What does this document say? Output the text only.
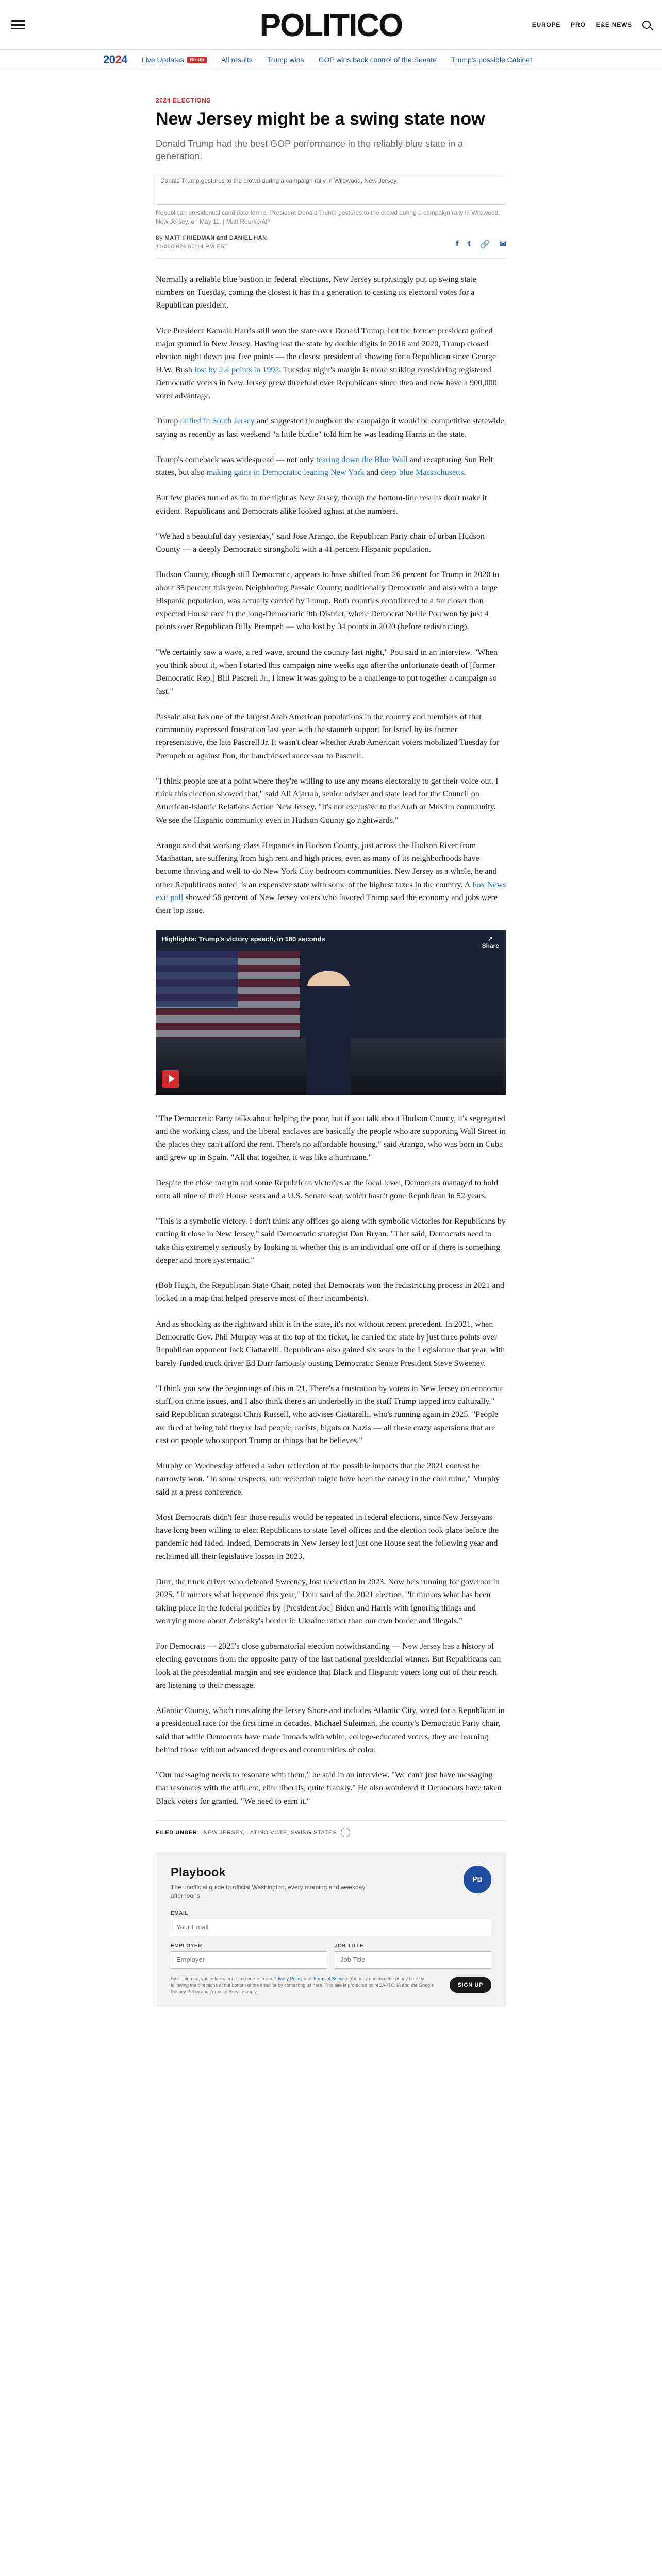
POLITICO	EUROPE PRO E&E NEWS
2024 Live Updates	Re-up	All results Trump wins GOP wins back control of the Senate Trump's possible Cabinet
2024 ELECTIONS
New Jersey might be a swing state now

Donald Trump had the best GOP performance in the reliably blue state in a generation.

Donald Trump gestures to the crowd during a campaign rally in Wildwood, New Jersey.

Republican presidential candidate former President Donald Trump gestures to the crowd during a campaign rally in Wildwood, New Jersey, on May 11. | Matt Rourke/AP

By MATT FRIEDMAN and DANIEL HAN
11/06/2024 05:14 PM EST	f t 🔗 ✉

Normally a reliable blue bastion in federal elections, New Jersey surprisingly put up swing state numbers on Tuesday, coming the closest it has in a generation to casting its electoral votes for a Republican president.

Vice President Kamala Harris still won the state over Donald Trump, but the former president gained major ground in New Jersey. Having lost the state by double digits in 2016 and 2020, Trump closed election night down just five points — the closest presidential showing for a Republican since George H.W. Bush lost by 2.4 points in 1992. Tuesday night's margin is more striking considering registered Democratic voters in New Jersey grew threefold over Republicans since then and now have a 900,000 voter advantage.

Trump rallied in South Jersey and suggested throughout the campaign it would be competitive statewide, saying as recently as last weekend "a little birdie" told him he was leading Harris in the state.

Trump's comeback was widespread — not only tearing down the Blue Wall and recapturing Sun Belt states, but also making gains in Democratic-leaning New York and deep-blue Massachusetts.

But few places turned as far to the right as New Jersey, though the bottom-line results don't make it evident. Republicans and Democrats alike looked aghast at the numbers.

"We had a beautiful day yesterday," said Jose Arango, the Republican Party chair of urban Hudson County — a deeply Democratic stronghold with a 41 percent Hispanic population.

Hudson County, though still Democratic, appears to have shifted from 26 percent for Trump in 2020 to about 35 percent this year. Neighboring Passaic County, traditionally Democratic and also with a large Hispanic population, was actually carried by Trump. Both counties contributed to a far closer than expected House race in the long-Democratic 9th District, where Democrat Nellie Pou won by just 4 points over Republican Billy Prempeh — who lost by 34 points in 2020 (before redistricting).

"We certainly saw a wave, a red wave, around the country last night," Pou said in an interview. "When you think about it, when I started this campaign nine weeks ago after the unfortunate death of [former Democratic Rep.] Bill Pascrell Jr., I knew it was going to be a challenge to put together a campaign so fast."

Passaic also has one of the largest Arab American populations in the country and members of that community expressed frustration last year with the staunch support for Israel by its former representative, the late Pascrell Jr. It wasn't clear whether Arab American voters mobilized Tuesday for Prempeh or against Pou, the handpicked successor to Pascrell.

"I think people are at a point where they're willing to use any means electorally to get their voice out. I think this election showed that," said Ali Ajarrah, senior adviser and state lead for the Council on American-Islamic Relations Action New Jersey. "It's not exclusive to the Arab or Muslim community. We see the Hispanic community even in Hudson County go rightwards."

Arango said that working-class Hispanics in Hudson County, just across the Hudson River from Manhattan, are suffering from high rent and high prices, even as many of its neighborhoods have become thriving and well-to-do New York City bedroom communities. New Jersey as a whole, he and other Republicans noted, is an expensive state with some of the highest taxes in the country. A Fox News exit poll showed 56 percent of New Jersey voters who favored Trump said the economy and jobs were their top issue.

Highlights: Trump's victory speech, in 180 seconds	↗
Share

"The Democratic Party talks about helping the poor, but if you talk about Hudson County, it's segregated and the working class, and the liberal enclaves are basically the people who are supporting Wall Street in the places they can't afford the rent. There's no affordable housing," said Arango, who was born in Cuba and grew up in Spain. "All that together, it was like a hurricane."

Despite the close margin and some Republican victories at the local level, Democrats managed to hold onto all nine of their House seats and a U.S. Senate seat, which hasn't gone Republican in 52 years.

"This is a symbolic victory. I don't think any offices go along with symbolic victories for Republicans by cutting it close in New Jersey," said Democratic strategist Dan Bryan. "That said, Democrats need to take this extremely seriously by looking at whether this is an individual one-off or if there is something deeper and more systematic."

(Bob Hugin, the Republican State Chair, noted that Democrats won the redistricting process in 2021 and locked in a map that helped preserve most of their incumbents).

And as shocking as the rightward shift is in the state, it's not without recent precedent. In 2021, when Democratic Gov. Phil Murphy was at the top of the ticket, he carried the state by just three points over Republican opponent Jack Ciattarelli. Republicans also gained six seats in the Legislature that year, with barely-funded truck driver Ed Durr famously ousting Democratic Senate President Steve Sweeney.

"I think you saw the beginnings of this in '21. There's a frustration by voters in New Jersey on economic stuff, on crime issues, and I also think there's an underbelly in the stuff Trump tapped into culturally," said Republican strategist Chris Russell, who advises Ciattarelli, who's running again in 2025. "People are tired of being told they're bad people, racists, bigots or Nazis — all these crazy aspersions that are cast on people who support Trump or things that he believes."

Murphy on Wednesday offered a sober reflection of the possible impacts that the 2021 contest he narrowly won. "In some respects, our reelection might have been the canary in the coal mine," Murphy said at a press conference.

Most Democrats didn't fear those results would be repeated in federal elections, since New Jerseyans have long been willing to elect Republicans to state-level offices and the election took place before the pandemic had faded. Indeed, Democrats in New Jersey lost just one House seat the following year and reclaimed all their legislative losses in 2023.

Durr, the truck driver who defeated Sweeney, lost reelection in 2023. Now he's running for governor in 2025. "It mirrors what happened this year," Durr said of the 2021 election. "It mirrors what has been taking place in the federal policies by [President Joe] Biden and Harris with ignoring things and worrying more about Zelensky's border in Ukraine rather than our own border and illegals."

For Democrats — 2021's close gubernatorial election notwithstanding — New Jersey has a history of electing governors from the opposite party of the last national presidential winner. But Republicans can look at the presidential margin and see evidence that Black and Hispanic voters long out of their reach are listening to their message.

Atlantic County, which runs along the Jersey Shore and includes Atlantic City, voted for a Republican in a presidential race for the first time in decades. Michael Suleiman, the county's Democratic Party chair, said that while Democrats have made inroads with white, college-educated voters, they are learning behind those without advanced degrees and communities of color.

"Our messaging needs to resonate with them," he said in an interview. "We can't just have messaging that resonates with the affluent, elite liberals, quite frankly." He also wondered if Democrats have taken Black voters for granted. "We need to earn it."

FILED UNDER: NEW JERSEY, LATINO VOTE, SWING STATES …
PB
Playbook
The unofficial guide to official Washington, every morning and weekday afternoons.
EMAIL
Your Email
EMPLOYER
Employer	JOB TITLE
Job Title

By signing up, you acknowledge and agree to our Privacy Policy and Terms of Service. You may unsubscribe at any time by following the directions at the bottom of the email or by contacting us here. This site is protected by reCAPTCHA and the Google Privacy Policy and Terms of Service apply.

SIGN UP
